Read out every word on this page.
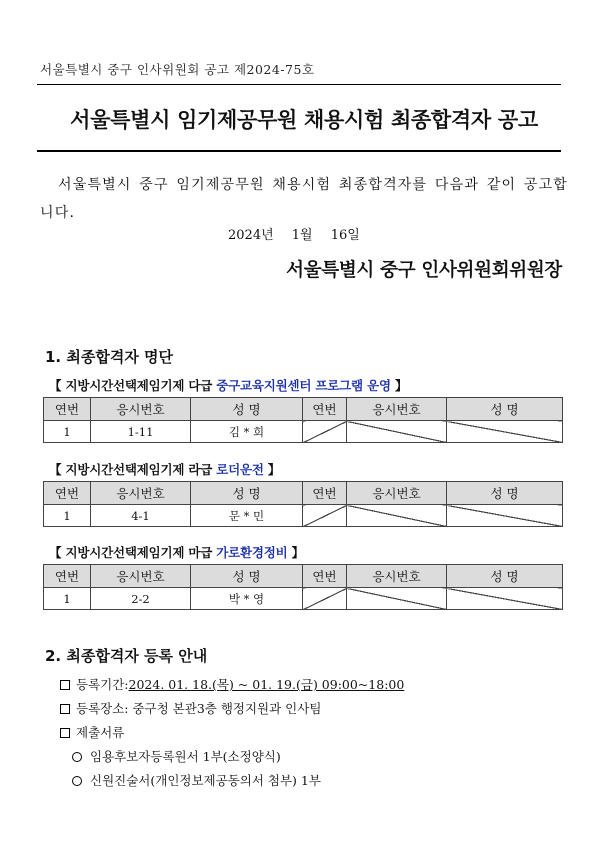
서울특별시 중구 인사위원회 공고 제2024-75호
서울특별시 임기제공무원 채용시험 최종합격자 공고
서울특별시 중구 임기제공무원 채용시험 최종합격자를 다음과 같이 공고합니다.
2024년 1월 16일
서울특별시 중구 인사위원회위원장
1. 최종합격자 명단
【 지방시간선택제임기제 다급 중구교육지원센터 프로그램 운영 】
연번	응시번호	성 명	연번	응시번호	성 명
1	1-11	김 * 희			
【 지방시간선택제임기제 라급 로더운전 】
연번	응시번호	성 명	연번	응시번호	성 명
1	4-1	문 * 민			
【 지방시간선택제임기제 마급 가로환경정비 】
연번	응시번호	성 명	연번	응시번호	성 명
1	2-2	박 * 영			
2. 최종합격자 등록 안내
등록기간: 2024. 01. 18.(목) ~ 01. 19.(금) 09:00~18:00
등록장소: 중구청 본관3층 행정지원과 인사팀
제출서류
임용후보자등록원서 1부(소정양식)
신원진술서(개인정보제공동의서 첨부) 1부
